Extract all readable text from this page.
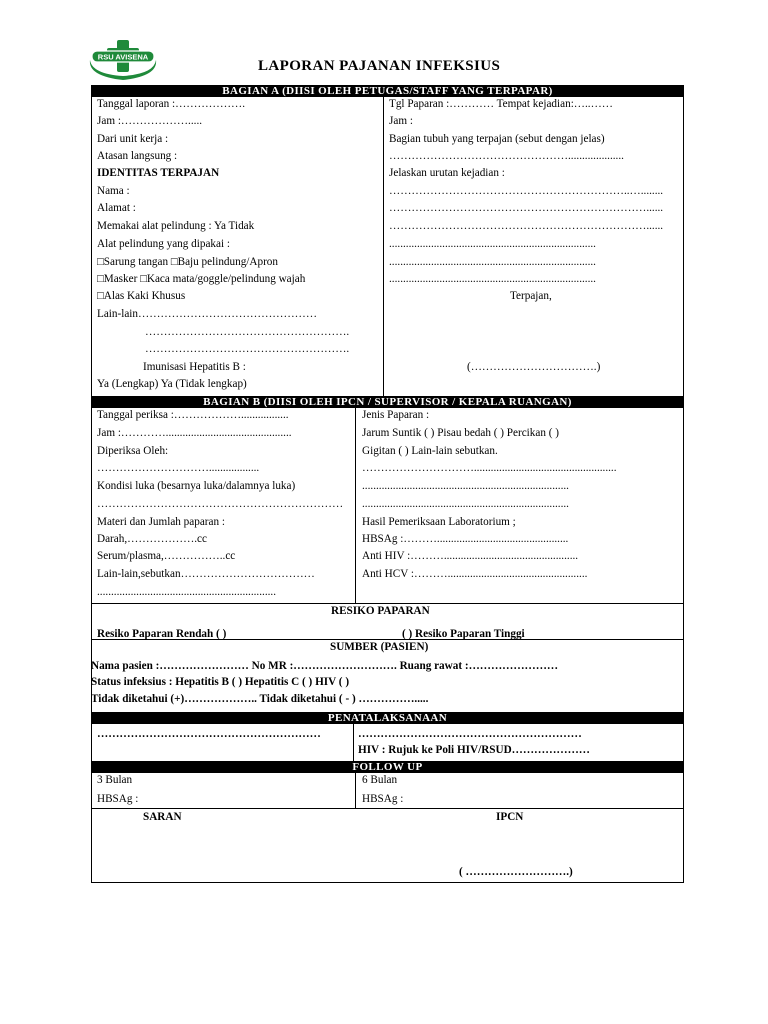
RSU AVISENA
LAPORAN PAJANAN INFEKSIUS
BAGIAN A (DIISI OLEH PETUGAS/STAFF YANG TERPAPAR)
BAGIAN B (DIISI OLEH IPCN / SUPERVISOR / KEPALA RUANGAN)
PENATALAKSANAAN
FOLLOW UP
Tanggal laporan :……………….
Jam :……………….....
Dari unit kerja :
Atasan langsung :
IDENTITAS TERPAJAN
Nama :
Alamat :
Memakai alat pelindung : Ya Tidak
Alat pelindung yang dipakai :
□Sarung tangan □Baju pelindung/Apron
□Masker □Kaca mata/goggle/pelindung wajah
□Alas Kaki Khusus
Lain-lain…………………………………………
……………………………………………….
……………………………………………….
Imunisasi Hepatitis B :
Ya (Lengkap) Ya (Tidak lengkap)
Tgl Paparan :………… Tempat kejadian:…..……
Jam :
Bagian tubuh yang terpajan (sebut dengan jelas)
…………………………………………....................
Jelaskan urutan kejadian :
………………………………………………………..…........
……………………………………………………………......
……………………………………………………………......
..........................................................................
..........................................................................
..........................................................................
Terpajan,
(…………………………….)
Tanggal periksa :……………….................
Jam :………….............................................
Diperiksa Oleh:
…………………………..................
Kondisi luka (besarnya luka/dalamnya luka)
…………………………………………………………
Materi dan Jumlah paparan :
Darah,……………….cc
Serum/plasma,……………..cc
Lain-lain,sebutkan………………………………
................................................................
Jenis Paparan :
Jarum Suntik ( ) Pisau bedah ( ) Percikan ( )
Gigitan ( ) Lain-lain sebutkan.
…………………………...................................................
..........................................................................
..........................................................................
Hasil Pemeriksaan Laboratorium ;
HBSAg :………...............................................
Anti HIV :………................................................
Anti HCV :………..................................................
RESIKO PAPARAN
Resiko Paparan Rendah ( )	( ) Resiko Paparan Tinggi
SUMBER (PASIEN)
Nama pasien :…………………… No MR :………………………. Ruang rawat :……………………
Status infeksius : Hepatitis B ( ) Hepatitis C ( ) HIV ( )
Tidak diketahui (+)……………….. Tidak diketahui ( - ) …………….....
……………………………………………………	……………………………………………………
HIV : Rujuk ke Poli HIV/RSUD…………………
3 Bulan
HBSAg :
6 Bulan
HBSAg :
SARAN	IPCN
( ……………………….)
